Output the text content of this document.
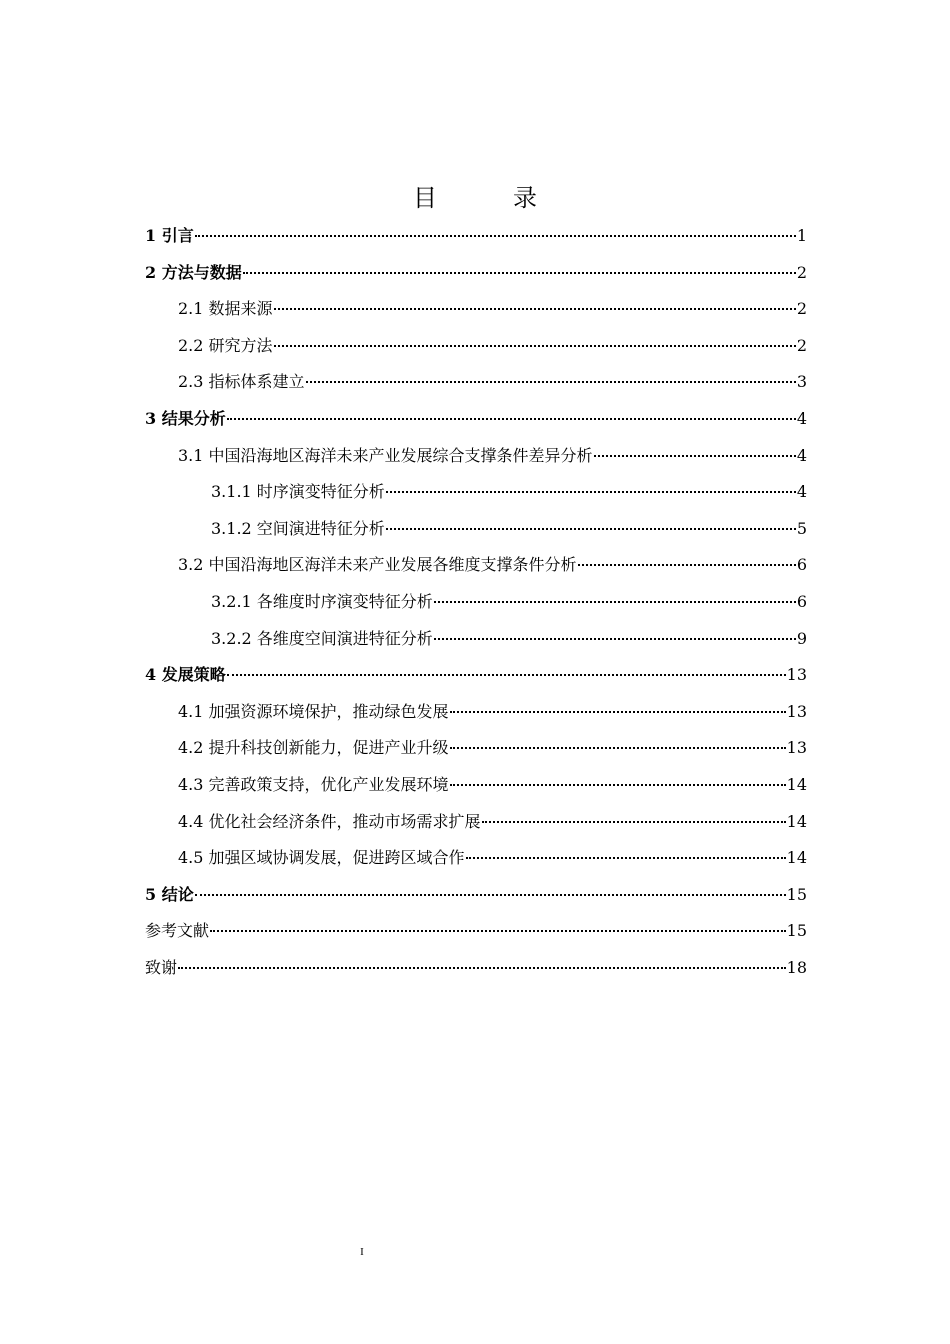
目　录
1 引言	1
2 方法与数据	2
2.1 数据来源	2
2.2 研究方法	2
2.3 指标体系建立	3
3 结果分析	4
3.1 中国沿海地区海洋未来产业发展综合支撑条件差异分析	4
3.1.1 时序演变特征分析	4
3.1.2 空间演进特征分析	5
3.2 中国沿海地区海洋未来产业发展各维度支撑条件分析	6
3.2.1 各维度时序演变特征分析	6
3.2.2 各维度空间演进特征分析	9
4 发展策略	13
4.1 加强资源环境保护，推动绿色发展	13
4.2 提升科技创新能力，促进产业升级	13
4.3 完善政策支持，优化产业发展环境	14
4.4 优化社会经济条件，推动市场需求扩展	14
4.5 加强区域协调发展，促进跨区域合作	14
5 结论	15
参考文献	15
致谢	18
I
